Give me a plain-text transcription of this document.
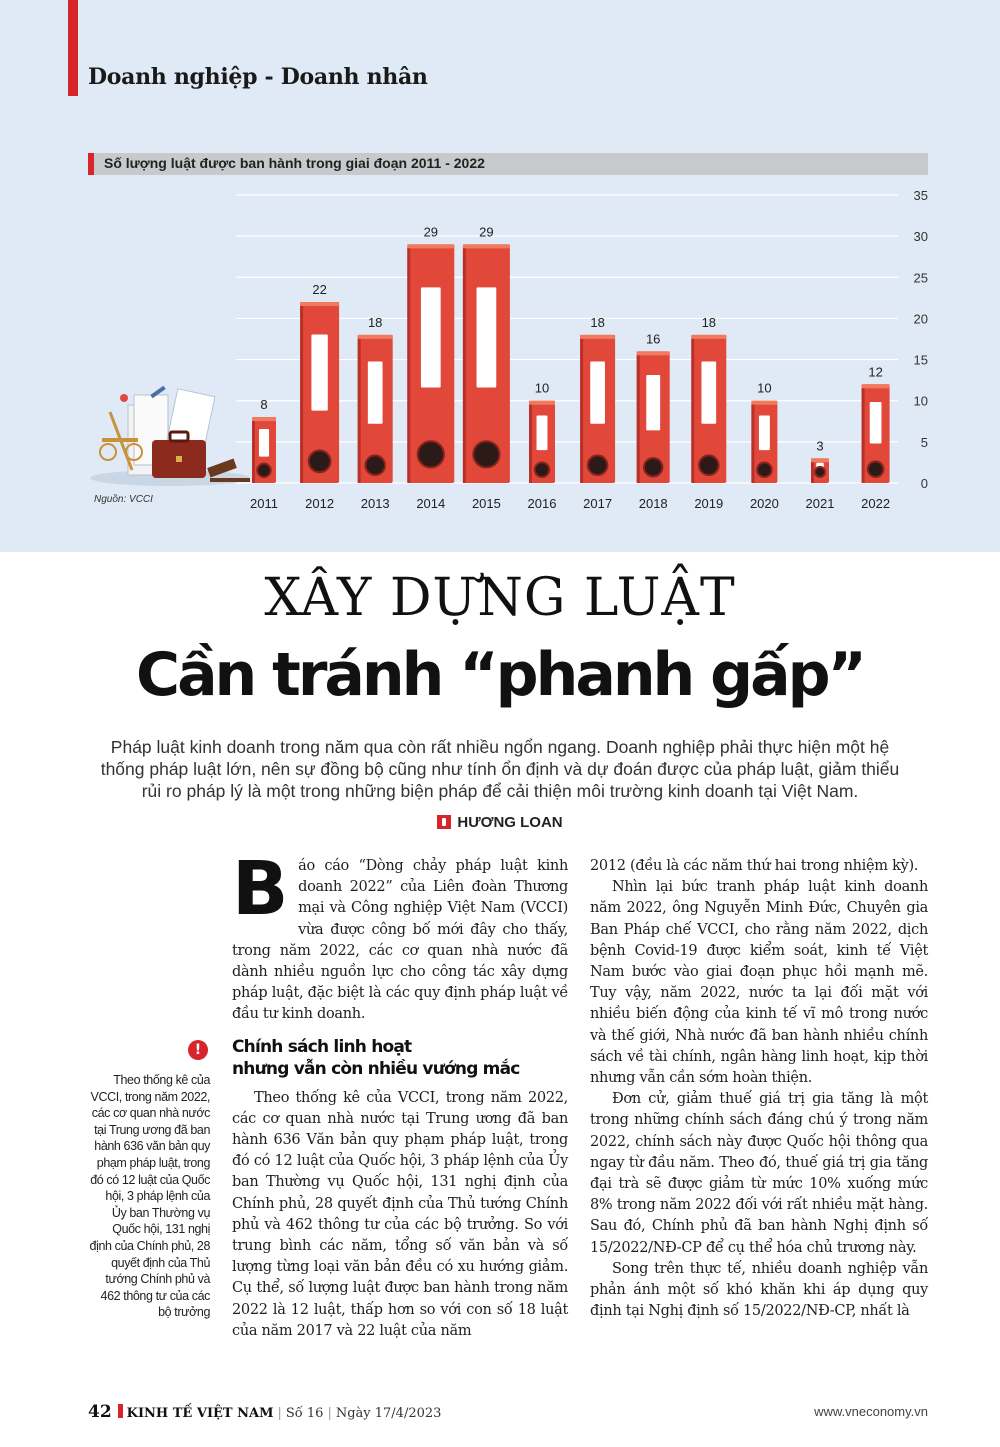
Doanh nghiệp - Doanh nhân
Số lượng luật được ban hành trong giai đoạn 2011 - 2022
0
5
10
15
20
25
30
35
8
2011
22
2012
18
2013
29
2014
29
2015
10
2016
18
2017
16
2018
18
2019
10
2020
3
2021
12
2022
Nguồn: VCCI
XÂY DỰNG LUẬT
Cần tránh “phanh gấp”
Pháp luật kinh doanh trong năm qua còn rất nhiều ngổn ngang. Doanh nghiệp phải thực hiện một hệ thống pháp luật lớn, nên sự đồng bộ cũng như tính ổn định và dự đoán được của pháp luật, giảm thiểu rủi ro pháp lý là một trong những biện pháp để cải thiện môi trường kinh doanh tại Việt Nam.
HƯƠNG LOAN

Báo cáo “Dòng chảy pháp luật kinh doanh 2022” của Liên đoàn Thương mại và Công nghiệp Việt Nam (VCCI) vừa được công bố mới đây cho thấy, trong năm 2022, các cơ quan nhà nước đã dành nhiều nguồn lực cho công tác xây dựng pháp luật, đặc biệt là các quy định pháp luật về đầu tư kinh doanh.

Chính sách linh hoạt
nhưng vẫn còn nhiều vướng mắc

Theo thống kê của VCCI, trong năm 2022, các cơ quan nhà nước tại Trung ương đã ban hành 636 Văn bản quy phạm pháp luật, trong đó có 12 luật của Quốc hội, 3 pháp lệnh của Ủy ban Thường vụ Quốc hội, 131 nghị định của Chính phủ, 28 quyết định của Thủ tướng Chính phủ và 462 thông tư của các bộ trưởng. So với trung bình các năm, tổng số văn bản và số lượng từng loại văn bản đều có xu hướng giảm. Cụ thể, số lượng luật được ban hành trong năm 2022 là 12 luật, thấp hơn so với con số 18 luật của năm 2017 và 22 luật của năm

2012 (đều là các năm thứ hai trong nhiệm kỳ).

Nhìn lại bức tranh pháp luật kinh doanh năm 2022, ông Nguyễn Minh Đức, Chuyên gia Ban Pháp chế VCCI, cho rằng năm 2022, dịch bệnh Covid-19 được kiểm soát, kinh tế Việt Nam bước vào giai đoạn phục hồi mạnh mẽ. Tuy vậy, năm 2022, nước ta lại đối mặt với nhiều biến động của kinh tế vĩ mô trong nước và thế giới, Nhà nước đã ban hành nhiều chính sách về tài chính, ngân hàng linh hoạt, kịp thời nhưng vẫn cần sớm hoàn thiện.

Đơn cử, giảm thuế giá trị gia tăng là một trong những chính sách đáng chú ý trong năm 2022, chính sách này được Quốc hội thông qua ngay từ đầu năm. Theo đó, thuế giá trị gia tăng đại trà sẽ được giảm từ mức 10% xuống mức 8% trong năm 2022 đối với rất nhiều mặt hàng. Sau đó, Chính phủ đã ban hành Nghị định số 15/2022/NĐ-CP để cụ thể hóa chủ trương này.

Song trên thực tế, nhiều doanh nghiệp vẫn phản ánh một số khó khăn khi áp dụng quy định tại Nghị định số 15/2022/NĐ-CP, nhất là

!
Theo thống kê của VCCI, trong năm 2022, các cơ quan nhà nước tại Trung ương đã ban hành 636 văn bản quy phạm pháp luật, trong đó có 12 luật của Quốc hội, 3 pháp lệnh của Ủy ban Thường vụ Quốc hội, 131 nghị định của Chính phủ, 28 quyết định của Thủ tướng Chính phủ và 462 thông tư của các bộ trưởng
42 KINH TẾ VIỆT NAM | Số 16 | Ngày 17/4/2023	www.vneconomy.vn
